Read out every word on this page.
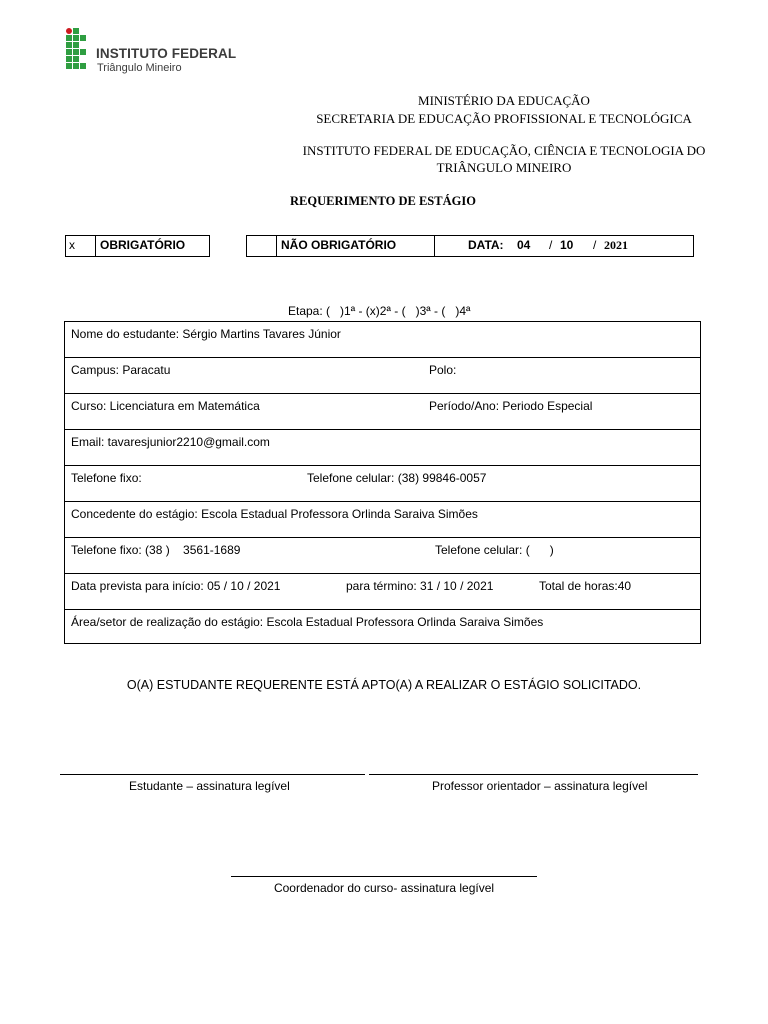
INSTITUTO FEDERAL
Triângulo Mineiro
MINISTÉRIO DA EDUCAÇÃO
SECRETARIA DE EDUCAÇÃO PROFISSIONAL E TECNOLÓGICA
INSTITUTO FEDERAL DE EDUCAÇÃO, CIÊNCIA E TECNOLOGIA DO
TRIÂNGULO MINEIRO
REQUERIMENTO DE ESTÁGIO
x	OBRIGATÓRIO	NÃO OBRIGATÓRIO	DATA: 04 / 10 / 2021
Etapa: (   )1ª - (x)2ª - (   )3ª - (   )4ª
Nome do estudante: Sérgio Martins Tavares Júnior
Campus: Paracatu	Polo:
Curso: Licenciatura em Matemática	Período/Ano: Periodo Especial
Email: tavaresjunior2210@gmail.com
Telefone fixo:	Telefone celular: (38) 99846-0057
Concedente do estágio: Escola Estadual Professora Orlinda Saraiva Simões
Telefone fixo: (38 )    3561-1689	Telefone celular: (      )
Data prevista para início: 05 / 10 / 2021	para término: 31 / 10 / 2021	Total de horas:40
Área/setor de realização do estágio: Escola Estadual Professora Orlinda Saraiva Simões
O(A) ESTUDANTE REQUERENTE ESTÁ APTO(A) A REALIZAR O ESTÁGIO SOLICITADO.
Estudante – assinatura legível	Professor orientador – assinatura legível
Coordenador do curso- assinatura legível
